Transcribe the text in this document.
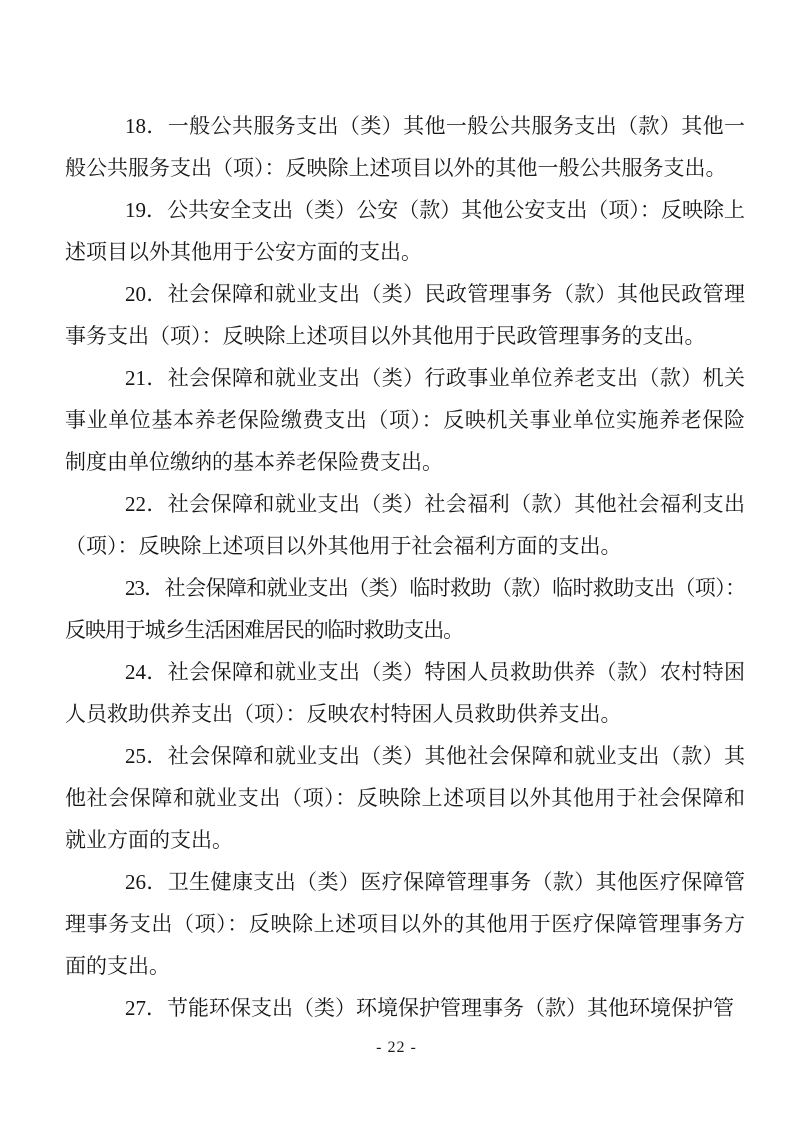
18．一般公共服务支出（类）其他一般公共服务支出（款）其他一般公共服务支出（项）：反映除上述项目以外的其他一般公共服务支出。

19．公共安全支出（类）公安（款）其他公安支出（项）：反映除上述项目以外其他用于公安方面的支出。

20．社会保障和就业支出（类）民政管理事务（款）其他民政管理事务支出（项）：反映除上述项目以外其他用于民政管理事务的支出。

21．社会保障和就业支出（类）行政事业单位养老支出（款）机关事业单位基本养老保险缴费支出（项）：反映机关事业单位实施养老保险制度由单位缴纳的基本养老保险费支出。

22．社会保障和就业支出（类）社会福利（款）其他社会福利支出（项）：反映除上述项目以外其他用于社会福利方面的支出。

23．社会保障和就业支出（类）临时救助（款）临时救助支出（项）：反映用于城乡生活困难居民的临时救助支出。

24．社会保障和就业支出（类）特困人员救助供养（款）农村特困人员救助供养支出（项）：反映农村特困人员救助供养支出。

25．社会保障和就业支出（类）其他社会保障和就业支出（款）其他社会保障和就业支出（项）：反映除上述项目以外其他用于社会保障和就业方面的支出。

26．卫生健康支出（类）医疗保障管理事务（款）其他医疗保障管理事务支出（项）：反映除上述项目以外的其他用于医疗保障管理事务方面的支出。

27．节能环保支出（类）环境保护管理事务（款）其他环境保护管

- 22 -
